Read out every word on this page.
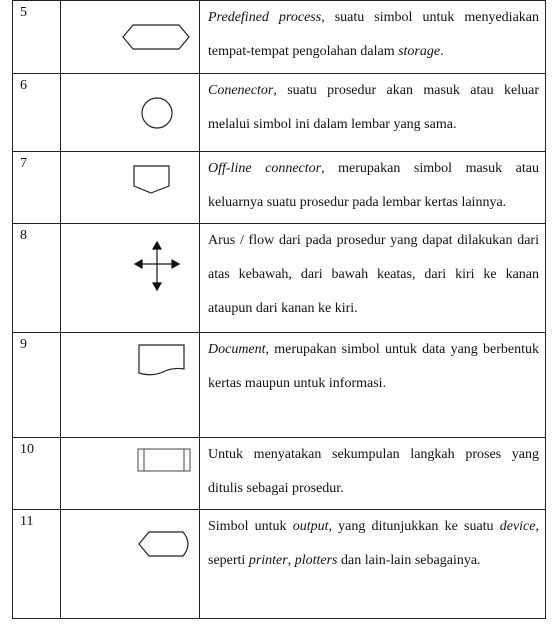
5		Predefined process, suatu simbol untuk menyediakan tempat-tempat pengolahan dalam storage.

6		Conenector, suatu prosedur akan masuk atau keluar melalui simbol ini dalam lembar yang sama.

7		Off-line connector, merupakan simbol masuk atau keluarnya suatu prosedur pada lembar kertas lainnya.

8		Arus / flow dari pada prosedur yang dapat dilakukan dari atas kebawah, dari bawah keatas, dari kiri ke kanan ataupun dari kanan ke kiri.

9		Document, merupakan simbol untuk data yang berbentuk kertas maupun untuk informasi.

10		Untuk menyatakan sekumpulan langkah proses yang ditulis sebagai prosedur.

11		Simbol untuk output, yang ditunjukkan ke suatu device, seperti printer, plotters dan lain-lain sebagainya.
